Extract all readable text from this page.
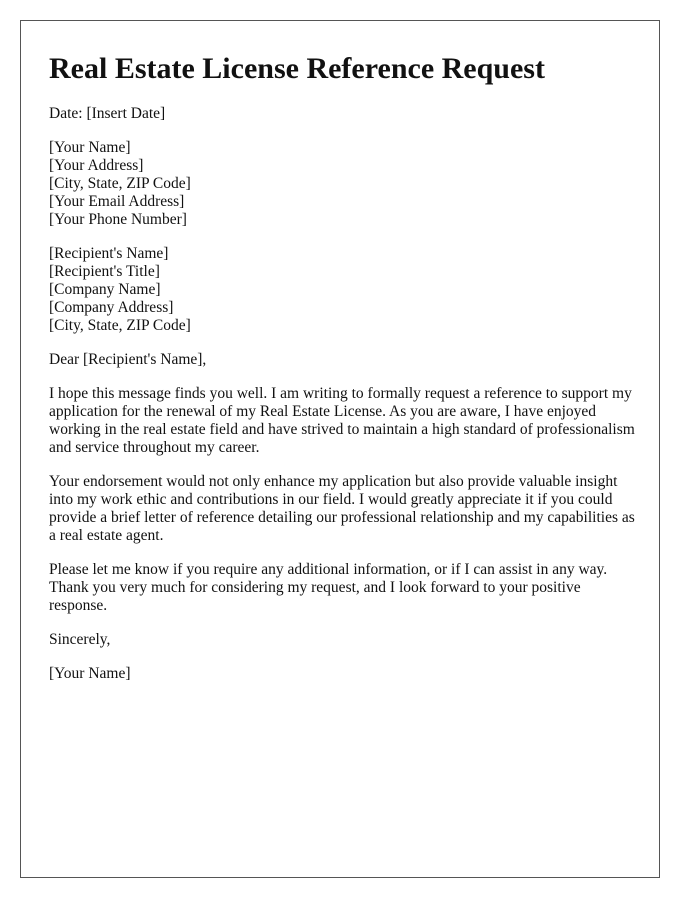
Real Estate License Reference Request

Date: [Insert Date]

[Your Name]
[Your Address]
[City, State, ZIP Code]
[Your Email Address]
[Your Phone Number]
[Recipient's Name]
[Recipient's Title]
[Company Name]
[Company Address]
[City, State, ZIP Code]

Dear [Recipient's Name],

I hope this message finds you well. I am writing to formally request a reference to support my application for the renewal of my Real Estate License. As you are aware, I have enjoyed working in the real estate field and have strived to maintain a high standard of professionalism and service throughout my career.

Your endorsement would not only enhance my application but also provide valuable insight into my work ethic and contributions in our field. I would greatly appreciate it if you could provide a brief letter of reference detailing our professional relationship and my capabilities as a real estate agent.

Please let me know if you require any additional information, or if I can assist in any way. Thank you very much for considering my request, and I look forward to your positive response.

Sincerely,

[Your Name]
